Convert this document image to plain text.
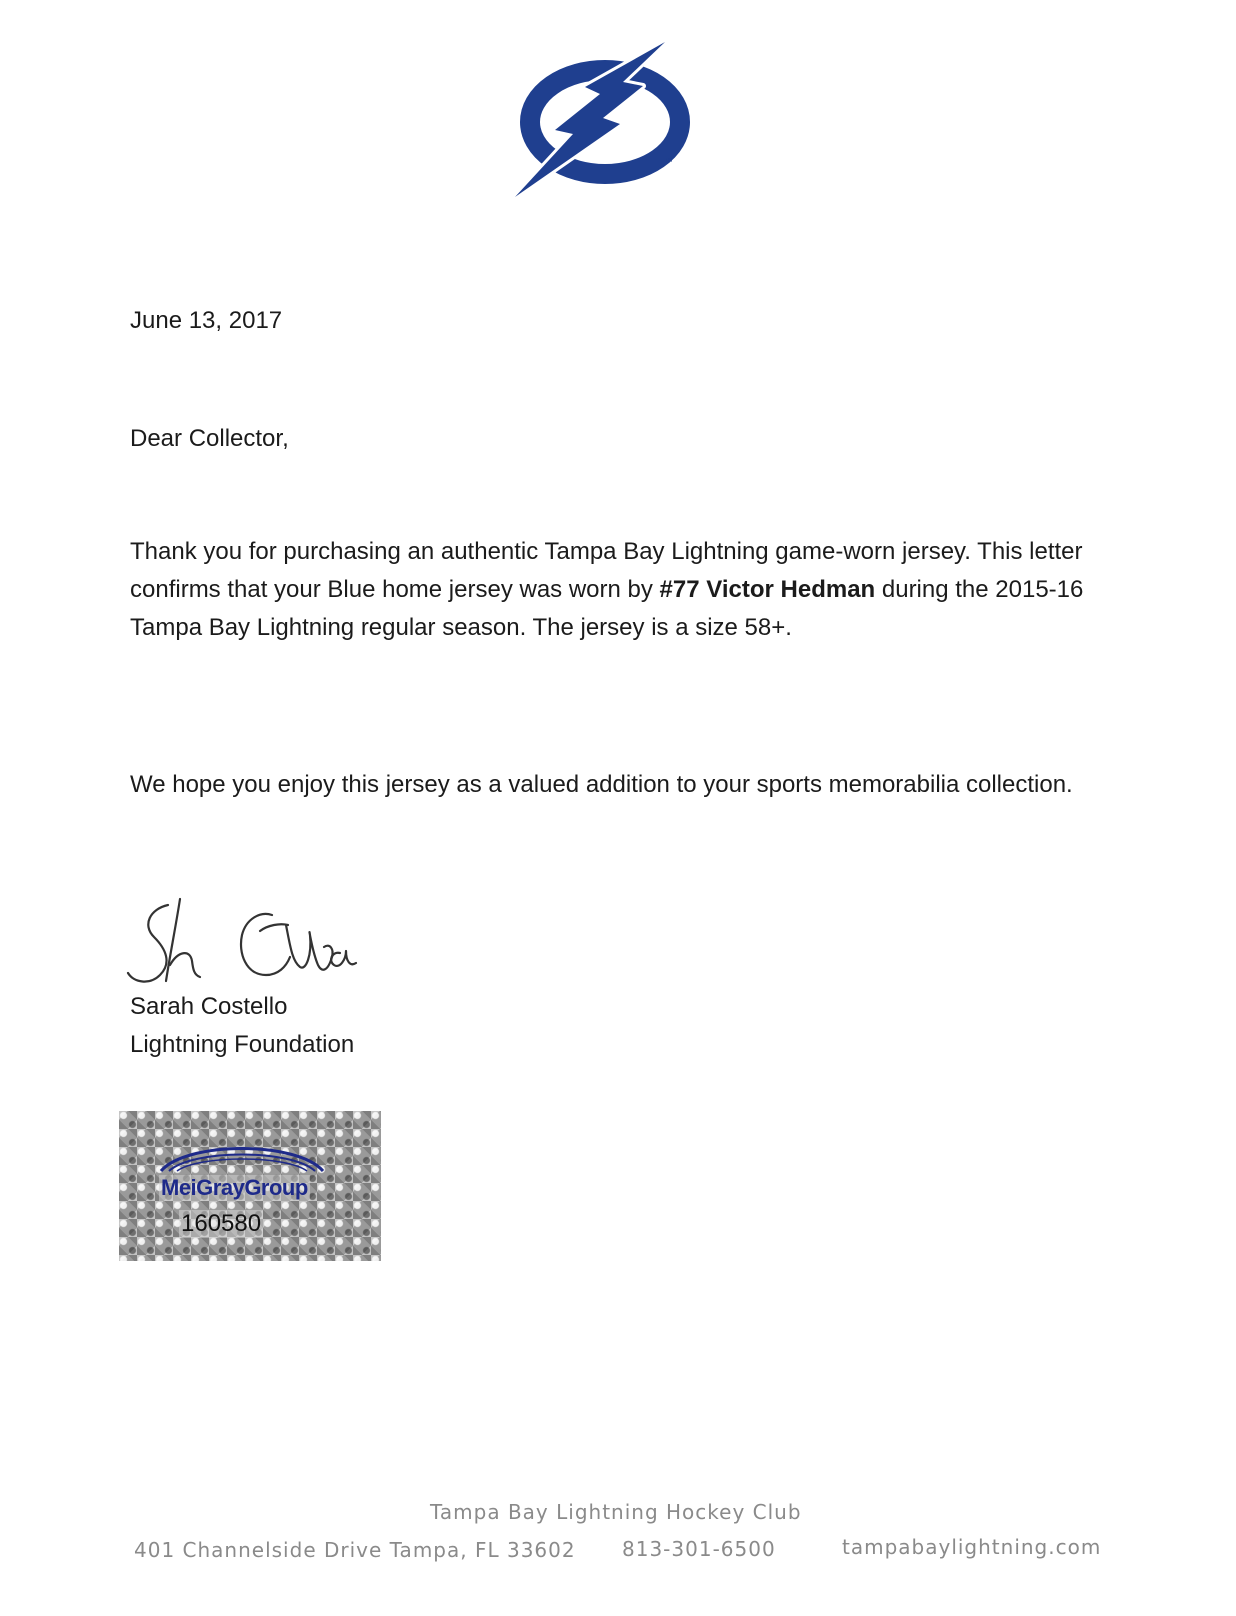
TM
June 13, 2017
Dear Collector,
Thank you for purchasing an authentic Tampa Bay Lightning game-worn jersey. This letter confirms that your Blue home jersey was worn by #77 Victor Hedman during the 2015-16 Tampa Bay Lightning regular season. The jersey is a size 58+.
We hope you enjoy this jersey as a valued addition to your sports memorabilia collection.
Sarah Costello
Lightning Foundation
MeiGrayGroup
160580
Tampa Bay Lightning Hockey Club
401 Channelside Drive Tampa, FL 33602 813-301-6500	tampabaylightning.com
